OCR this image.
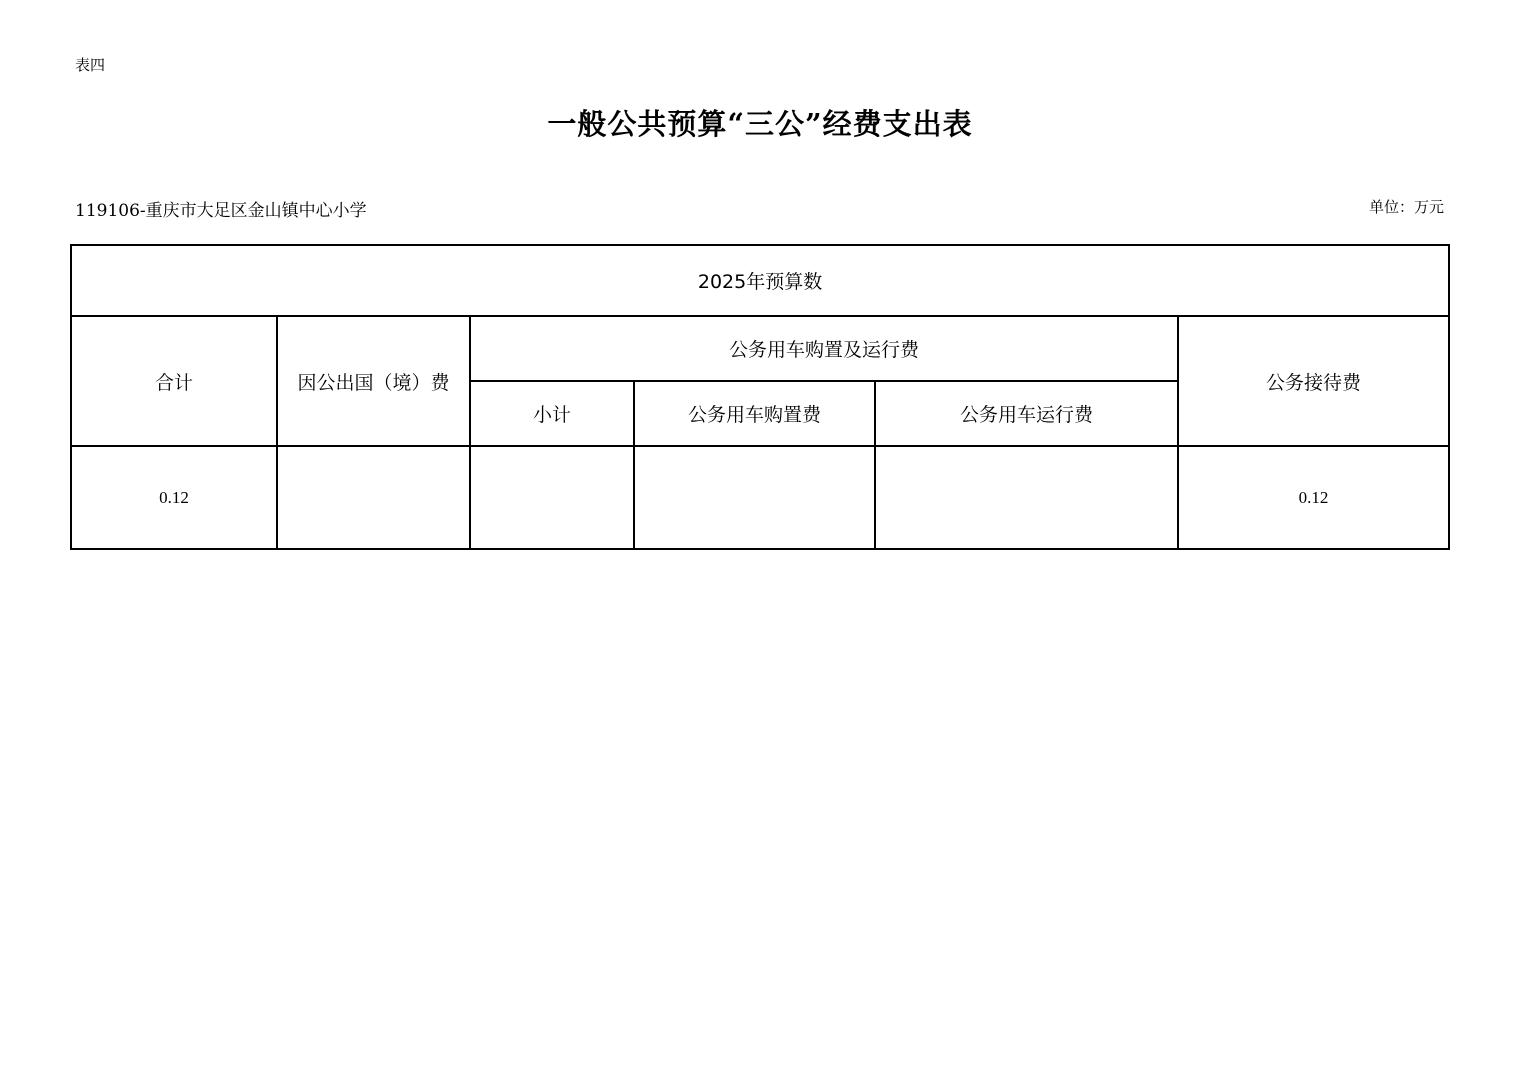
表四
一般公共预算“三公”经费支出表
119106-重庆市大足区金山镇中心小学	单位：万元
2025年预算数					
合计	因公出国（境）费	公务用车购置及运行费			公务接待费
		小计	公务用车购置费	公务用车运行费	
0.12					0.12
